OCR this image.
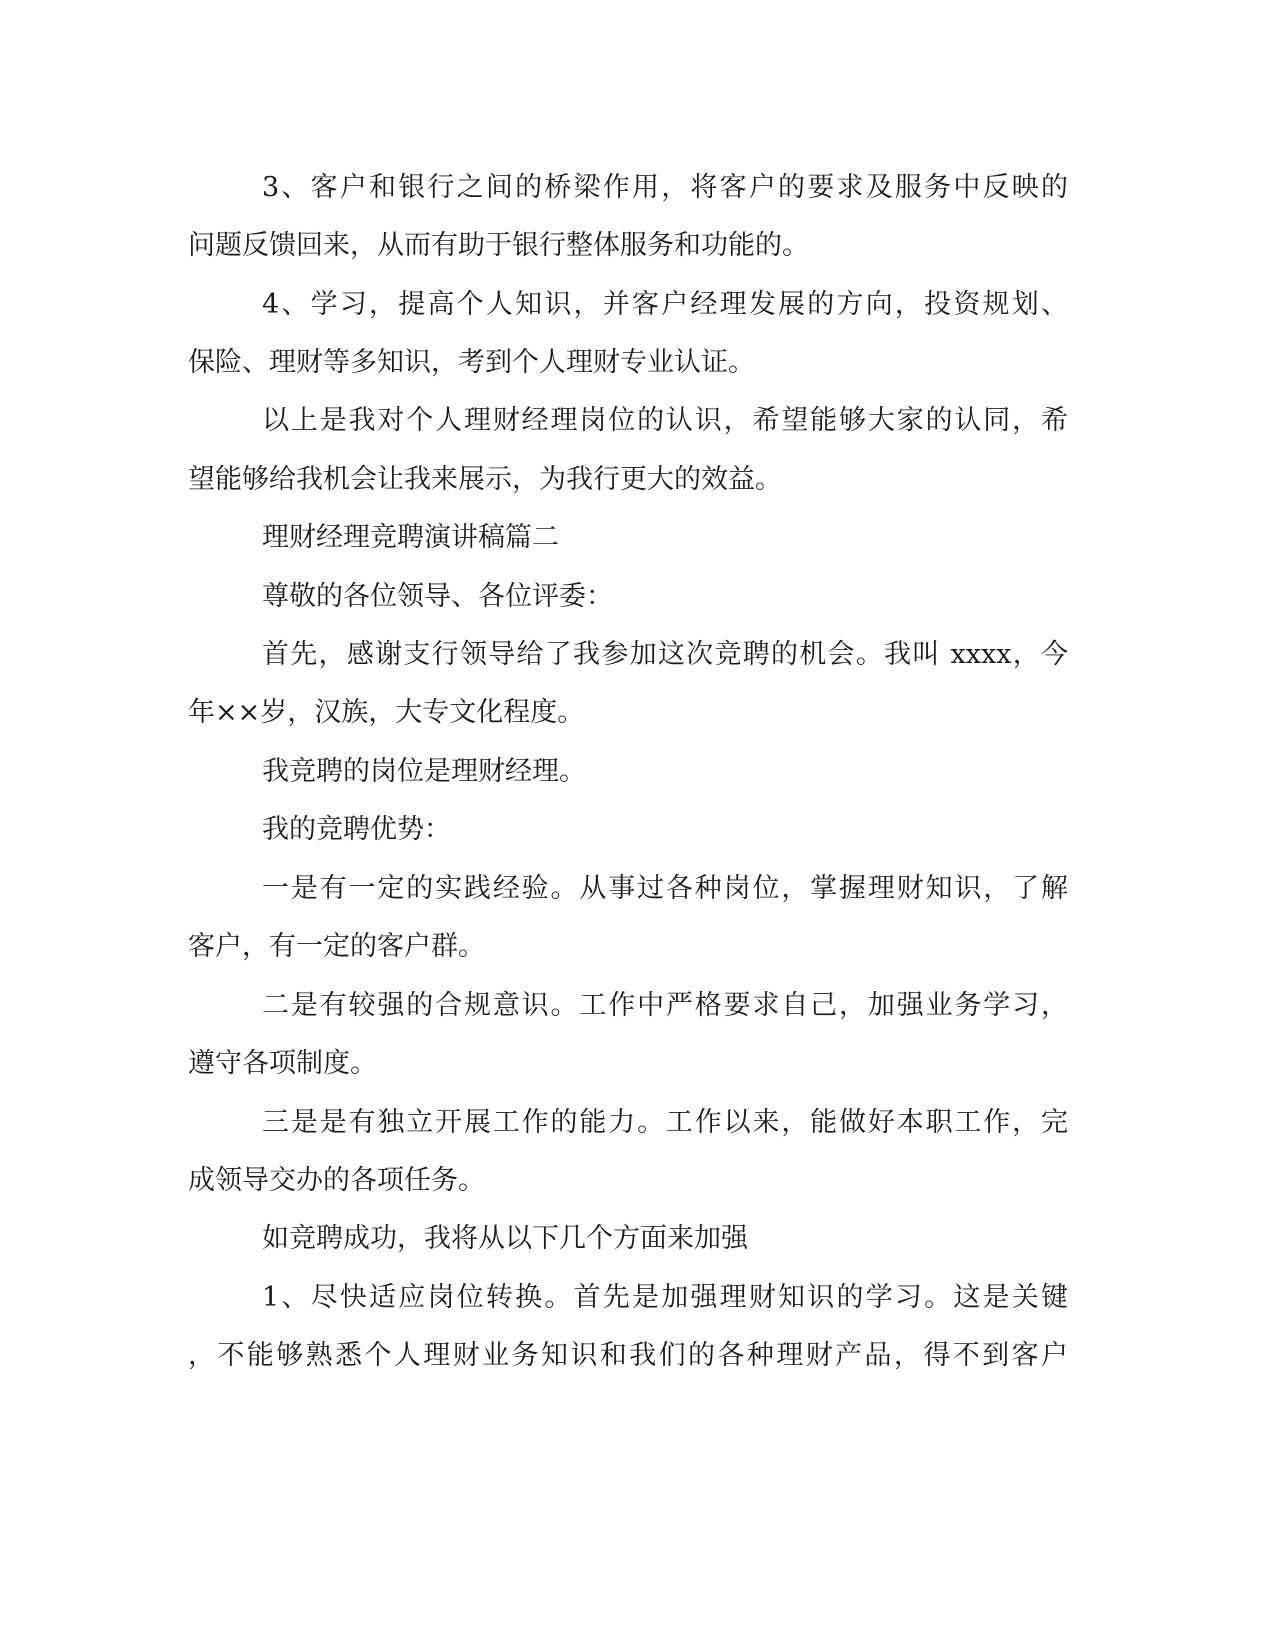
3、客户和银行之间的桥梁作用，将客户的要求及服务中反映的
问题反馈回来，从而有助于银行整体服务和功能的。
4、学习，提高个人知识，并客户经理发展的方向，投资规划、
保险、理财等多知识，考到个人理财专业认证。
以上是我对个人理财经理岗位的认识，希望能够大家的认同，希
望能够给我机会让我来展示，为我行更大的效益。
理财经理竞聘演讲稿篇二
尊敬的各位领导、各位评委：
首先，感谢支行领导给了我参加这次竞聘的机会。我叫 xxxx，今
年××岁，汉族，大专文化程度。
我竞聘的岗位是理财经理。
我的竞聘优势：
一是有一定的实践经验。从事过各种岗位，掌握理财知识，了解
客户，有一定的客户群。
二是有较强的合规意识。工作中严格要求自己，加强业务学习，
遵守各项制度。
三是是有独立开展工作的能力。工作以来，能做好本职工作，完
成领导交办的各项任务。
如竞聘成功，我将从以下几个方面来加强
1、尽快适应岗位转换。首先是加强理财知识的学习。这是关键
，不能够熟悉个人理财业务知识和我们的各种理财产品，得不到客户
